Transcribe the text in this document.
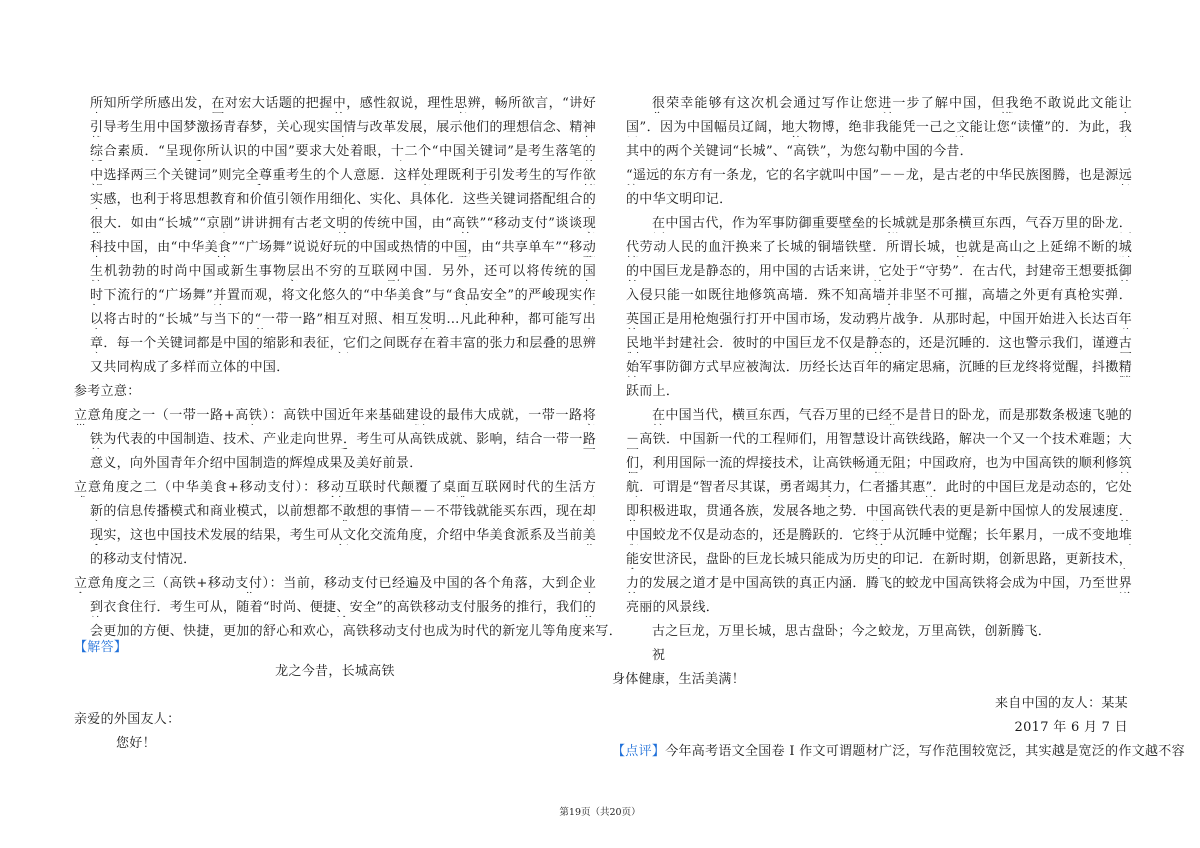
所知所学所感出发，在对宏大话题的把握中，感性叙说，理性思辨，畅所欲言，“讲好
引导考生用中国梦激扬青春梦，关心现实国情与改革发展，展示他们的理想信念、精神
综合素质．“呈现你所认识的中国”要求大处着眼，十二个“中国关键词”是考生落笔的
中选择两三个关键词”则完全尊重考生的个人意愿．这样处理既利于引发考生的写作欲
实感，也利于将思想教育和价值引领作用细化、实化、具体化．这些关键词搭配组合的
很大．如由“长城”“京剧”讲讲拥有古老文明的传统中国，由“高铁”“移动支付”谈谈现
科技中国，由“中华美食”“广场舞”说说好玩的中国或热情的中国，由“共享单车”“移动
生机勃勃的时尚中国或新生事物层出不穷的互联网中国．另外，还可以将传统的国
时下流行的“广场舞”并置而观，将文化悠久的“中华美食”与“食品安全”的严峻现实作
以将古时的“长城”与当下的“一带一路”相互对照、相互发明…凡此种种，都可能写出
章．每一个关键词都是中国的缩影和表征，它们之间既存在着丰富的张力和层叠的思辨
又共同构成了多样而立体的中国．
参考立意：
立意角度之一（一带一路+高铁）：高铁中国近年来基础建设的最伟大成就，一带一路将
铁为代表的中国制造、技术、产业走向世界．考生可从高铁成就、影响，结合一带一路
意义，向外国青年介绍中国制造的辉煌成果及美好前景．
立意角度之二（中华美食+移动支付）：移动互联时代颠覆了桌面互联网时代的生活方
新的信息传播模式和商业模式，以前想都不敢想的事情－－不带钱就能买东西，现在却
现实，这也中国技术发展的结果，考生可从文化交流角度，介绍中华美食派系及当前美
的移动支付情况．
立意角度之三（高铁+移动支付）：当前，移动支付已经遍及中国的各个角落，大到企业
到衣食住行．考生可从，随着“时尚、便捷、安全”的高铁移动支付服务的推行，我们的
会更加的方便、快捷，更加的舒心和欢心，高铁移动支付也成为时代的新宠儿等角度来写．
【解答】
龙之今昔，长城高铁
亲爱的外国友人：
您好！
很荣幸能够有这次机会通过写作让您进一步了解中国，但我绝不敢说此文能让
国”．因为中国幅员辽阔，地大物博，绝非我能凭一己之文能让您“读懂”的．为此，我
其中的两个关键词“长城”、“高铁”，为您勾勒中国的今昔．
“遥远的东方有一条龙，它的名字就叫中国”－－龙，是古老的中华民族图腾，也是源远
的中华文明印记．
在中国古代，作为军事防御重要壁垒的长城就是那条横亘东西，气吞万里的卧龙．
代劳动人民的血汗换来了长城的铜墙铁壁．所谓长城，也就是高山之上延绵不断的城
的中国巨龙是静态的，用中国的古话来讲，它处于“守势”．在古代，封建帝王想要抵御
入侵只能一如既往地修筑高墙．殊不知高墙并非坚不可摧，高墙之外更有真枪实弹．
英国正是用枪炮强行打开中国市场，发动鸦片战争．从那时起，中国开始进入长达百年
民地半封建社会．彼时的中国巨龙不仅是静态的，还是沉睡的．这也警示我们，谨遵古
始军事防御方式早应被淘汰．历经长达百年的痛定思痛，沉睡的巨龙终将觉醒，抖擞精
跃而上．
在中国当代，横亘东西，气吞万里的已经不是昔日的卧龙，而是那数条极速飞驰的
－高铁．中国新一代的工程师们，用智慧设计高铁线路，解决一个又一个技术难题；大
们，利用国际一流的焊接技术，让高铁畅通无阻；中国政府，也为中国高铁的顺利修筑
航．可谓是“智者尽其谋，勇者竭其力，仁者播其惠”．此时的中国巨龙是动态的，它处
即积极进取，贯通各族，发展各地之势．中国高铁代表的更是新中国惊人的发展速度．
中国蛟龙不仅是动态的，还是腾跃的．它终于从沉睡中觉醒；长年累月，一成不变地堆
能安世济民，盘卧的巨龙长城只能成为历史的印记．在新时期，创新思路，更新技术，
力的发展之道才是中国高铁的真正内涵．腾飞的蛟龙中国高铁将会成为中国，乃至世界
亮丽的风景线．
古之巨龙，万里长城，思古盘卧；今之蛟龙，万里高铁，创新腾飞．
祝
身体健康，生活美满！
来自中国的友人：某某
2017 年 6 月 7 日
【点评】今年高考语文全国卷 I 作文可谓题材广泛，写作范围较宽泛，其实越是宽泛的作文越不容
第19页（共20页）
